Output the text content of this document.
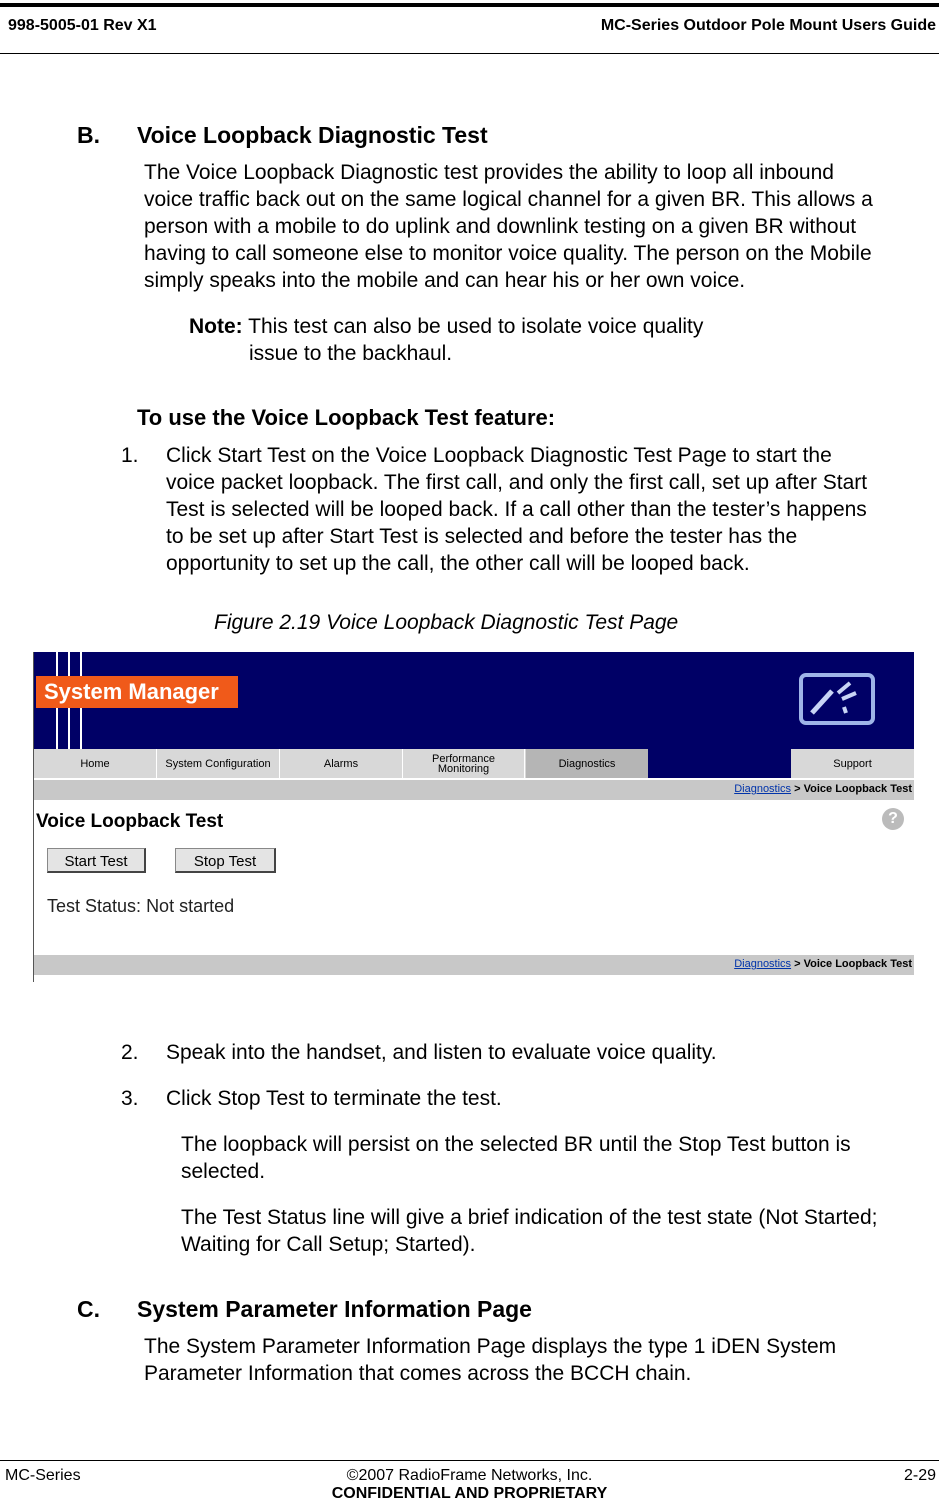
998-5005-01 Rev X1	MC-Series Outdoor Pole Mount Users Guide
B. Voice Loopback Diagnostic Test
The Voice Loopback Diagnostic test provides the ability to loop all inbound
voice traffic back out on the same logical channel for a given BR. This allows a
person with a mobile to do uplink and downlink testing on a given BR without
having to call someone else to monitor voice quality. The person on the Mobile
simply speaks into the mobile and can hear his or her own voice.
Note: This test can also be used to isolate voice quality
issue to the backhaul.
To use the Voice Loopback Test feature:
1. Click Start Test on the Voice Loopback Diagnostic Test Page to start the
voice packet loopback. The first call, and only the first call, set up after Start
Test is selected will be looped back. If a call other than the tester’s happens
to be set up after Start Test is selected and before the tester has the
opportunity to set up the call, the other call will be looped back.
Figure 2.19 Voice Loopback Diagnostic Test Page
System Manager
Home	System Configuration	Alarms	Performance Monitoring	Diagnostics	Support
Diagnostics > Voice Loopback Test
Voice Loopback Test	?
Start Test	Stop Test
Test Status: Not started
Diagnostics > Voice Loopback Test
2. Speak into the handset, and listen to evaluate voice quality.
3. Click Stop Test to terminate the test.
The loopback will persist on the selected BR until the Stop Test button is
selected.
The Test Status line will give a brief indication of the test state (Not Started;
Waiting for Call Setup; Started).
C. System Parameter Information Page
The System Parameter Information Page displays the type 1 iDEN System
Parameter Information that comes across the BCCH chain.
MC-Series	©2007 RadioFrame Networks, Inc.	2-29
CONFIDENTIAL AND PROPRIETARY
